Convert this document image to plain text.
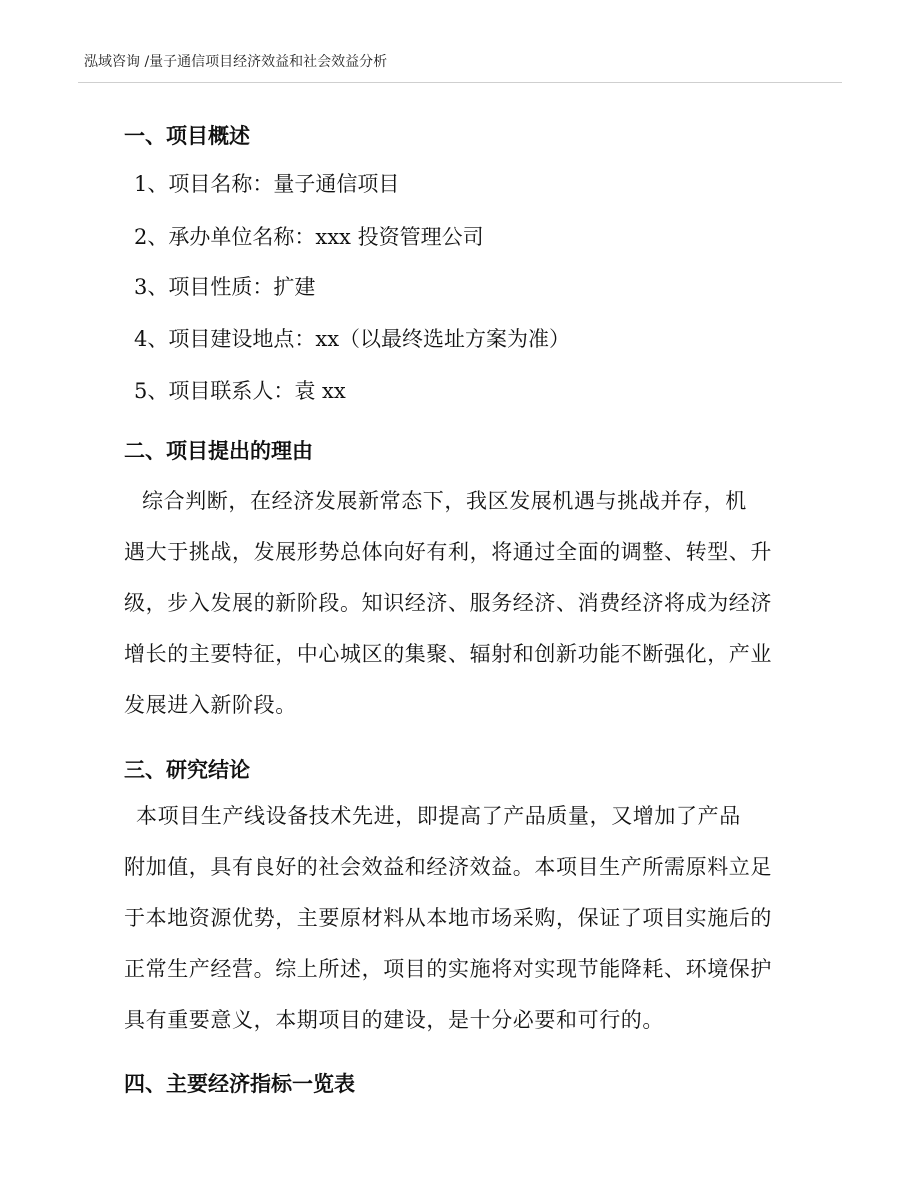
泓域咨询 /量子通信项目经济效益和社会效益分析
一、项目概述
1、项目名称：量子通信项目
2、承办单位名称：xxx 投资管理公司
3、项目性质：扩建
4、项目建设地点：xx（以最终选址方案为准）
5、项目联系人：袁 xx
二、项目提出的理由
综合判断，在经济发展新常态下，我区发展机遇与挑战并存，机
遇大于挑战，发展形势总体向好有利，将通过全面的调整、转型、升
级，步入发展的新阶段。知识经济、服务经济、消费经济将成为经济
增长的主要特征，中心城区的集聚、辐射和创新功能不断强化，产业
发展进入新阶段。
三、研究结论
本项目生产线设备技术先进，即提高了产品质量，又增加了产品
附加值，具有良好的社会效益和经济效益。本项目生产所需原料立足
于本地资源优势，主要原材料从本地市场采购，保证了项目实施后的
正常生产经营。综上所述，项目的实施将对实现节能降耗、环境保护
具有重要意义，本期项目的建设，是十分必要和可行的。
四、主要经济指标一览表
